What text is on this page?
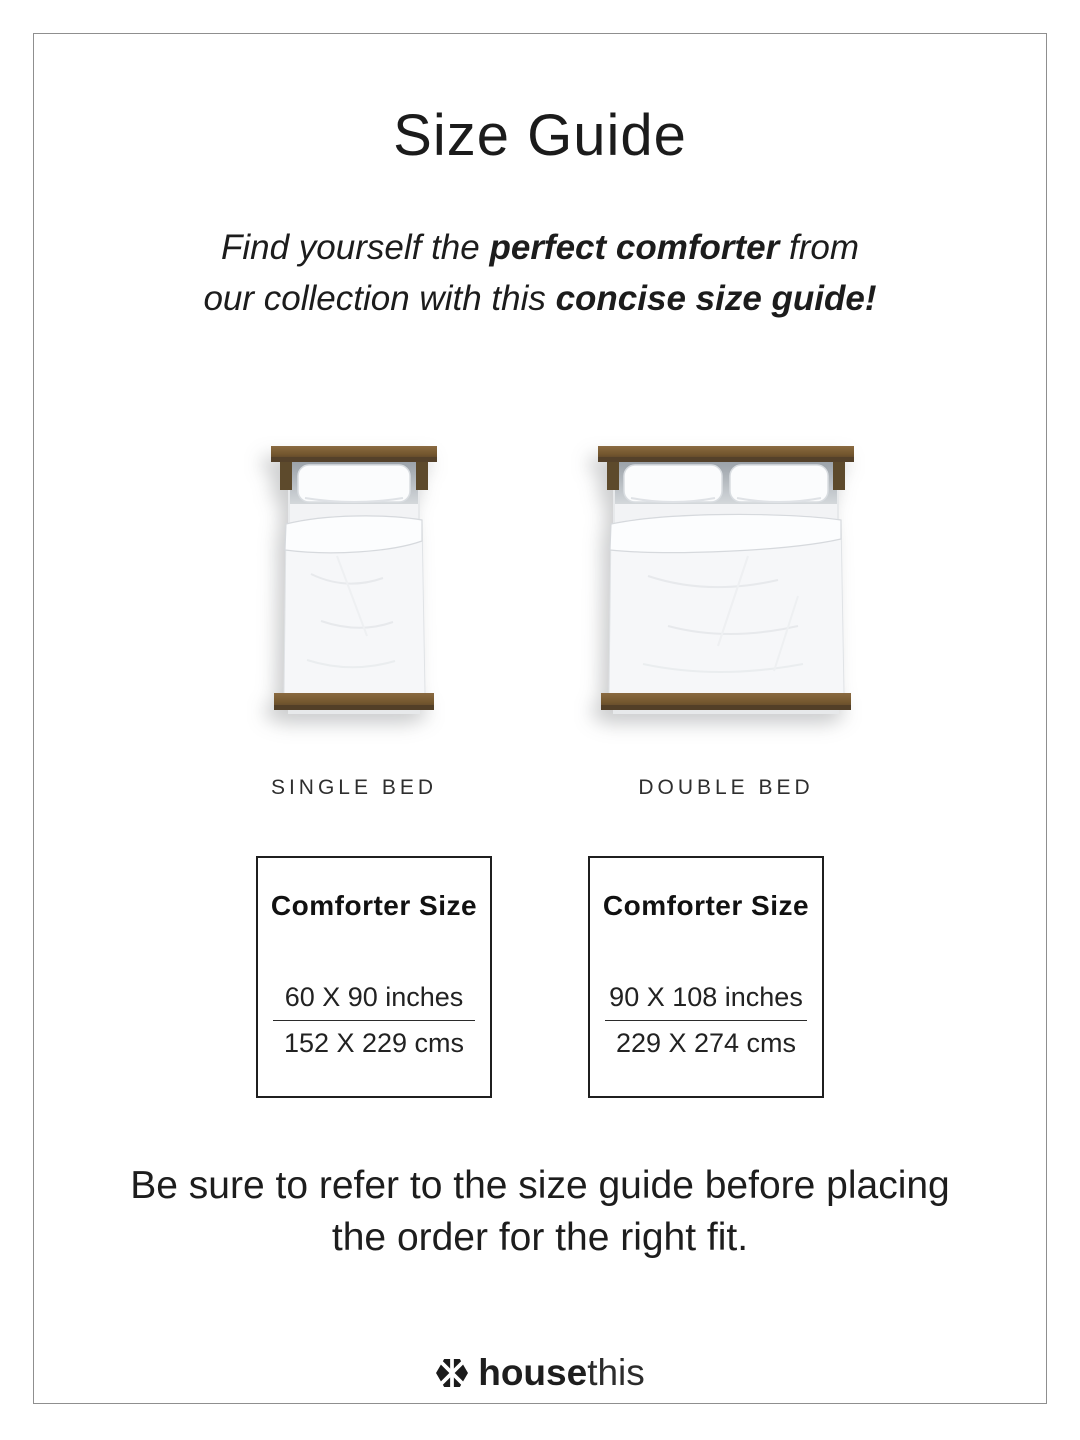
Size Guide

Find yourself the perfect comforter from
our collection with this concise size guide!

SINGLE BED	DOUBLE BED
Comforter Size
60 X 90 inches
152 X 229 cms
Comforter Size
90 X 108 inches
229 X 274 cms

Be sure to refer to the size guide before placing
the order for the right fit.

housethis
